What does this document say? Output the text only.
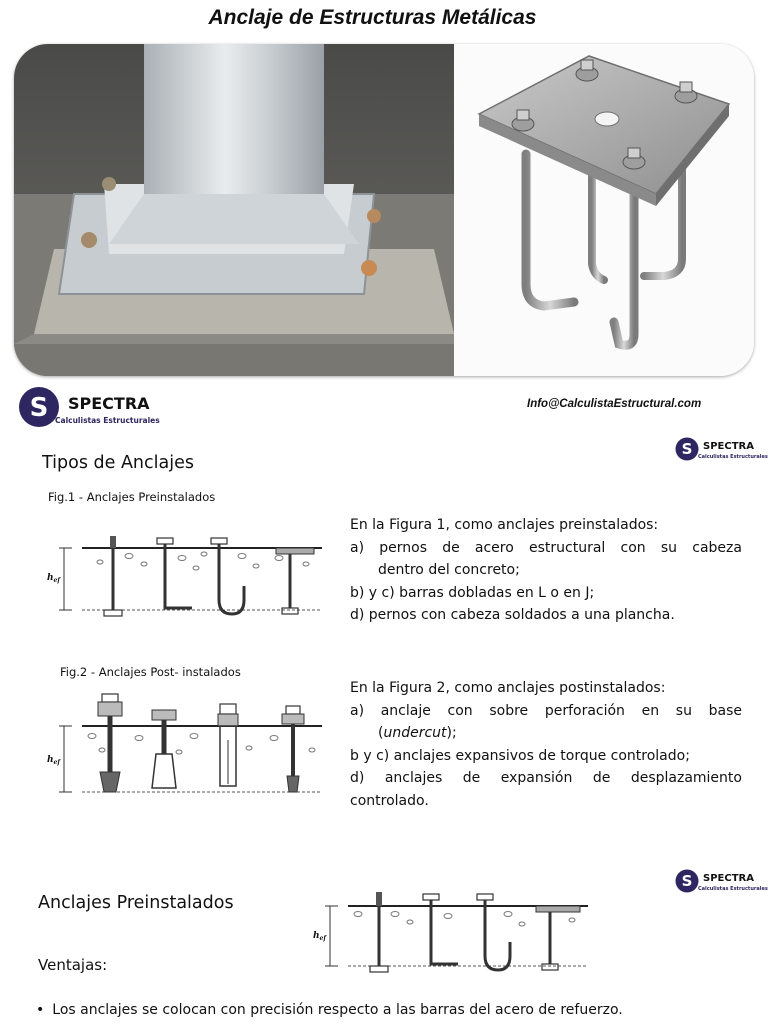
Anclaje de Estructuras Metálicas
S SPECTRA
Calculistas Estructurales
Info@CalculistaEstructural.com
S SPECTRA
Calculistas Estructurales
Tipos de Anclajes
Fig.1 - Anclajes Preinstalados
$h_{ef}$
En la Figura 1, como anclajes preinstalados:
a) pernos de acero estructural con su cabeza
dentro del concreto;
b) y c) barras dobladas en L o en J;
d) pernos con cabeza soldados a una plancha.
Fig.2 - Anclajes Post- instalados
$h_{ef}$
En la Figura 2, como anclajes postinstalados:
a) anclaje con sobre perforación en su base
(undercut);
b y c) anclajes expansivos de torque controlado;
d) anclajes de expansión de desplazamiento
controlado.
S SPECTRA
Calculistas Estructurales
Anclajes Preinstalados
$h_{ef}$
Ventajas:
• Los anclajes se colocan con precisión respecto a las barras del acero de refuerzo.
